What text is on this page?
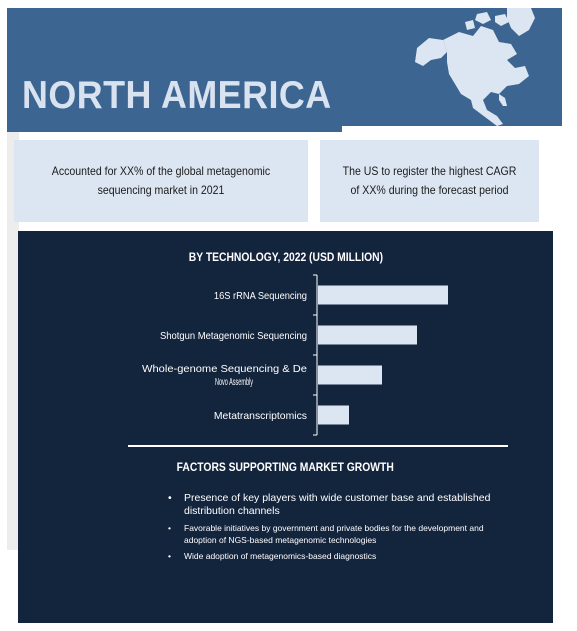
NORTH AMERICA
Accounted for XX% of the global metagenomic sequencing market in 2021
The US to register the highest CAGR of XX% during the forecast period
BY TECHNOLOGY, 2022 (USD MILLION)
16S rRNA Sequencing
Shotgun Metagenomic Sequencing
Whole-genome Sequencing & De Novo Assembly
Metatranscriptomics
FACTORS SUPPORTING MARKET GROWTH
• Presence of key players with wide customer base and established distribution channels
• Favorable initiatives by government and private bodies for the development and adoption of NGS-based metagenomic technologies
• Wide adoption of metagenomics-based diagnostics
